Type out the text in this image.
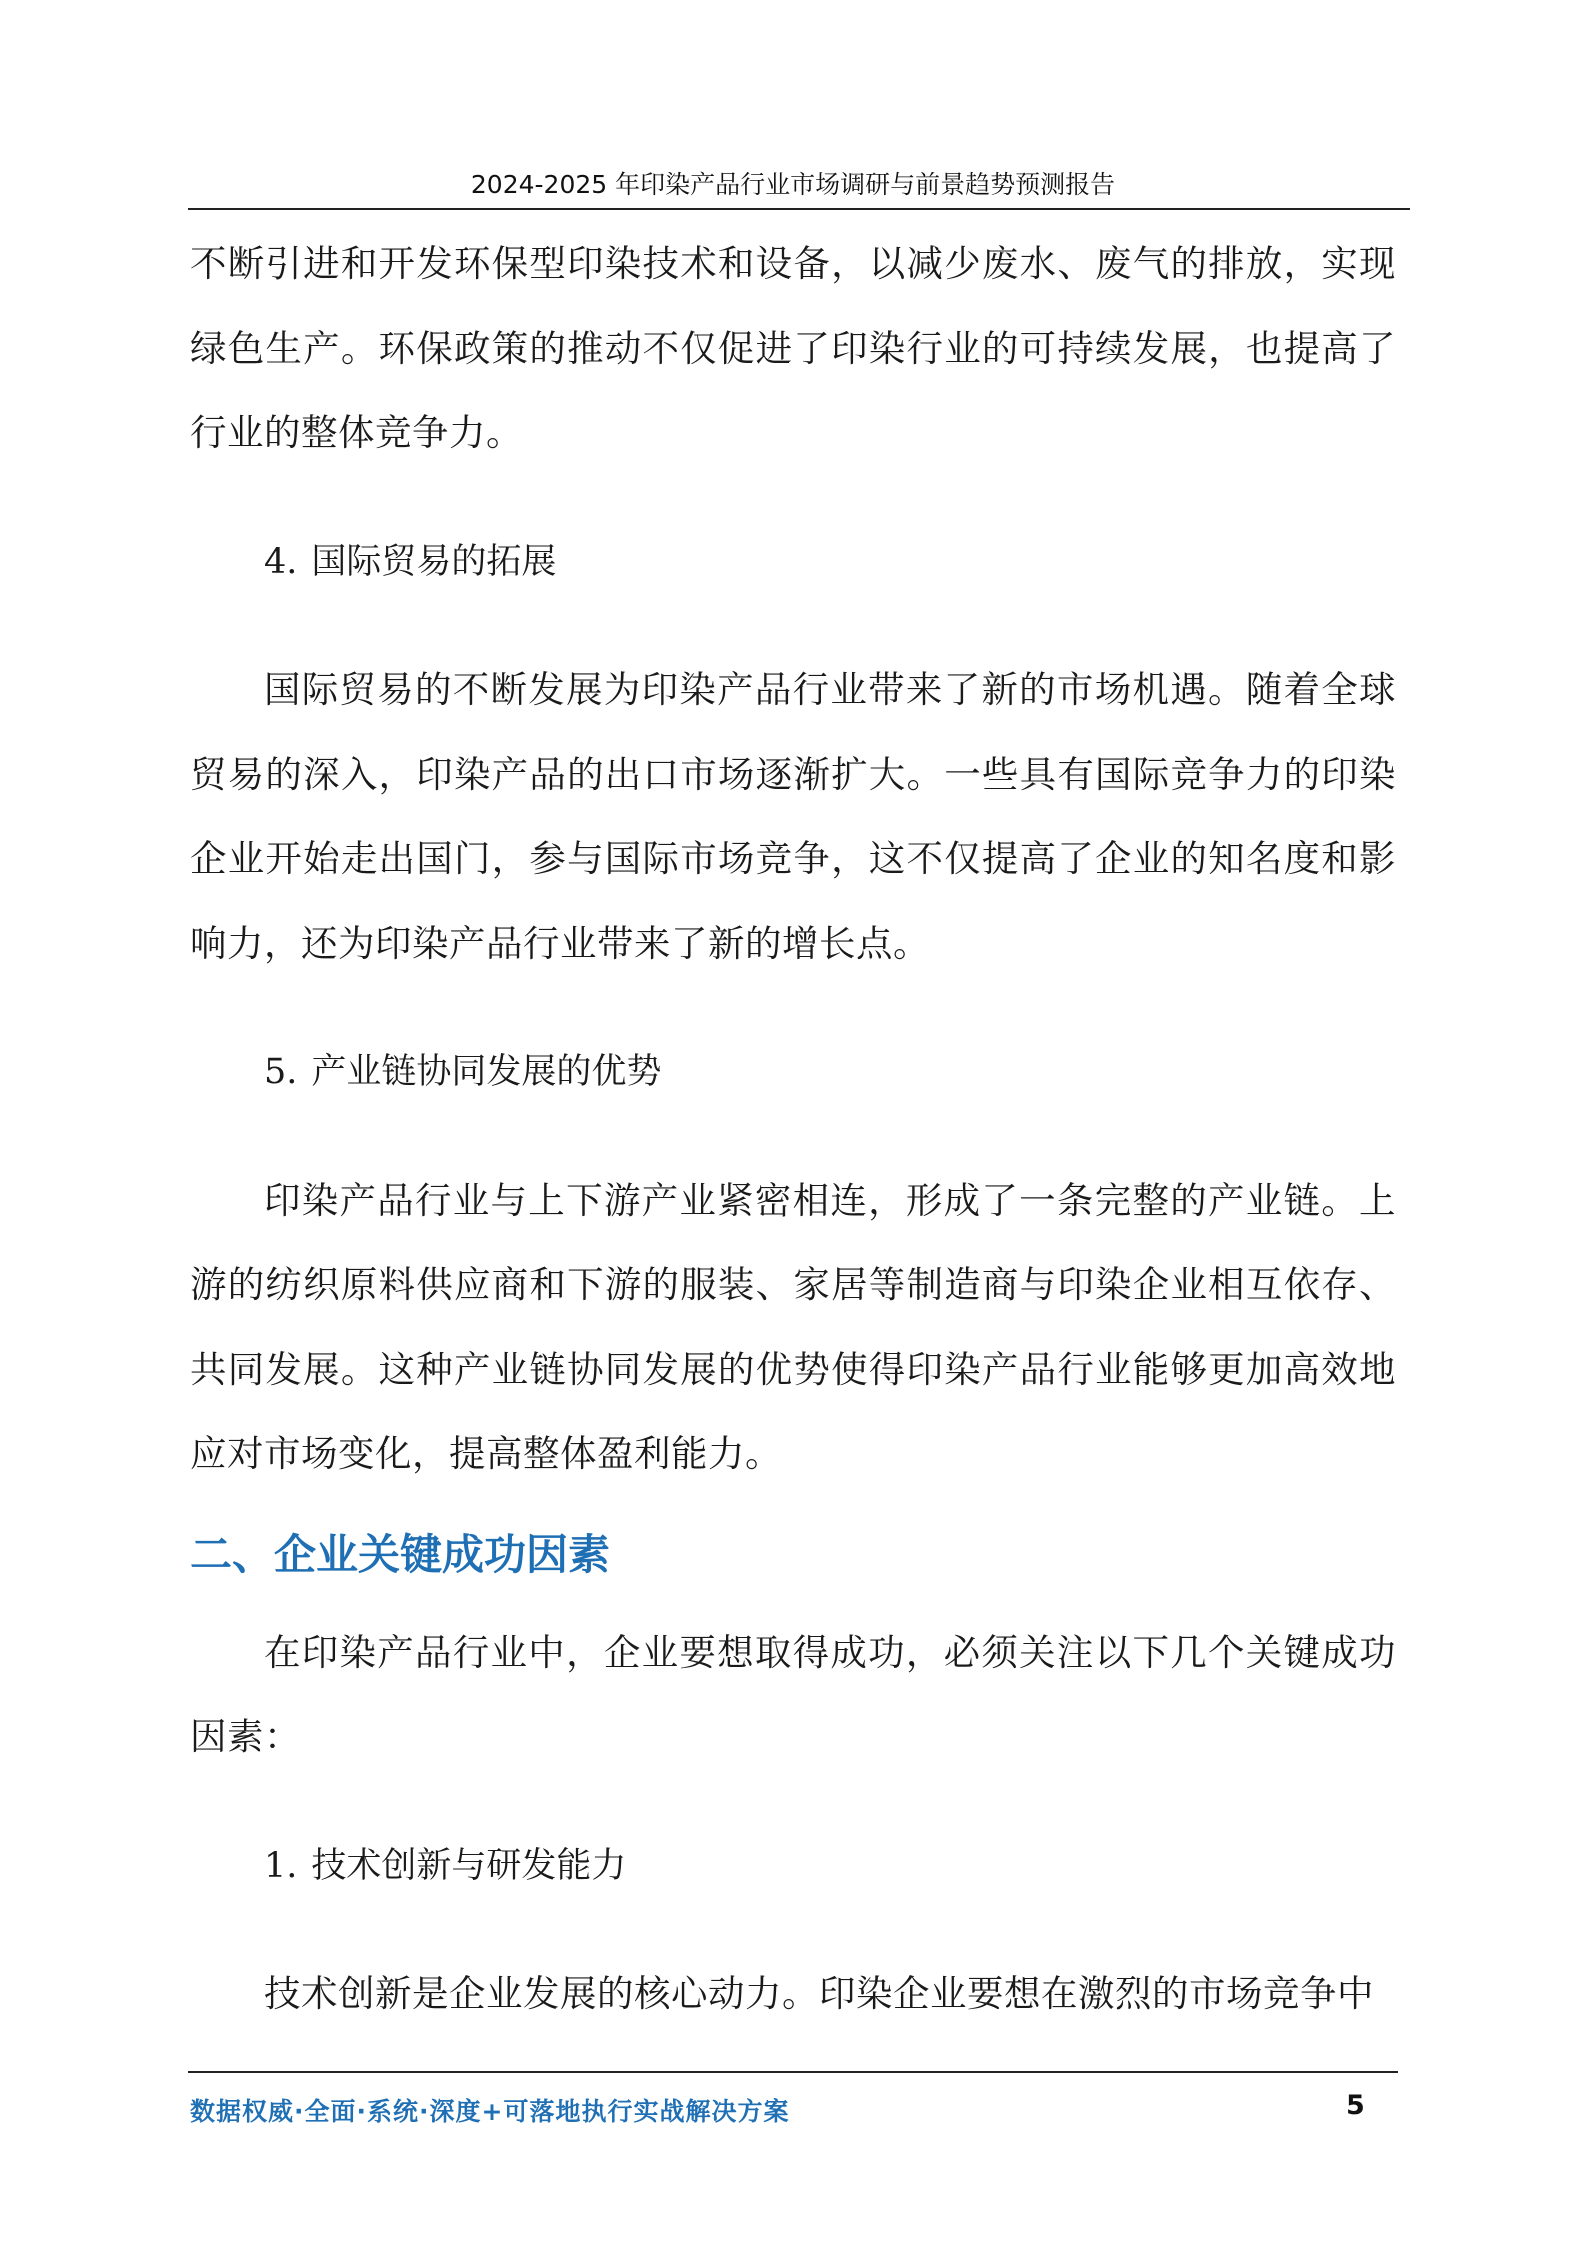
2024-2025 年印染产品行业市场调研与前景趋势预测报告

不断引进和开发环保型印染技术和设备，以减少废水、废气的排放，实现绿色生产。环保政策的推动不仅促进了印染行业的可持续发展，也提高了行业的整体竞争力。

4. 国际贸易的拓展

国际贸易的不断发展为印染产品行业带来了新的市场机遇。随着全球贸易的深入，印染产品的出口市场逐渐扩大。一些具有国际竞争力的印染企业开始走出国门，参与国际市场竞争，这不仅提高了企业的知名度和影响力，还为印染产品行业带来了新的增长点。

5. 产业链协同发展的优势

印染产品行业与上下游产业紧密相连，形成了一条完整的产业链。上游的纺织原料供应商和下游的服装、家居等制造商与印染企业相互依存、共同发展。这种产业链协同发展的优势使得印染产品行业能够更加高效地应对市场变化，提高整体盈利能力。

二、企业关键成功因素

在印染产品行业中，企业要想取得成功，必须关注以下几个关键成功因素：

1. 技术创新与研发能力

技术创新是企业发展的核心动力。印染企业要想在激烈的市场竞争中

数据权威·全面·系统·深度+可落地执行实战解决方案	5
